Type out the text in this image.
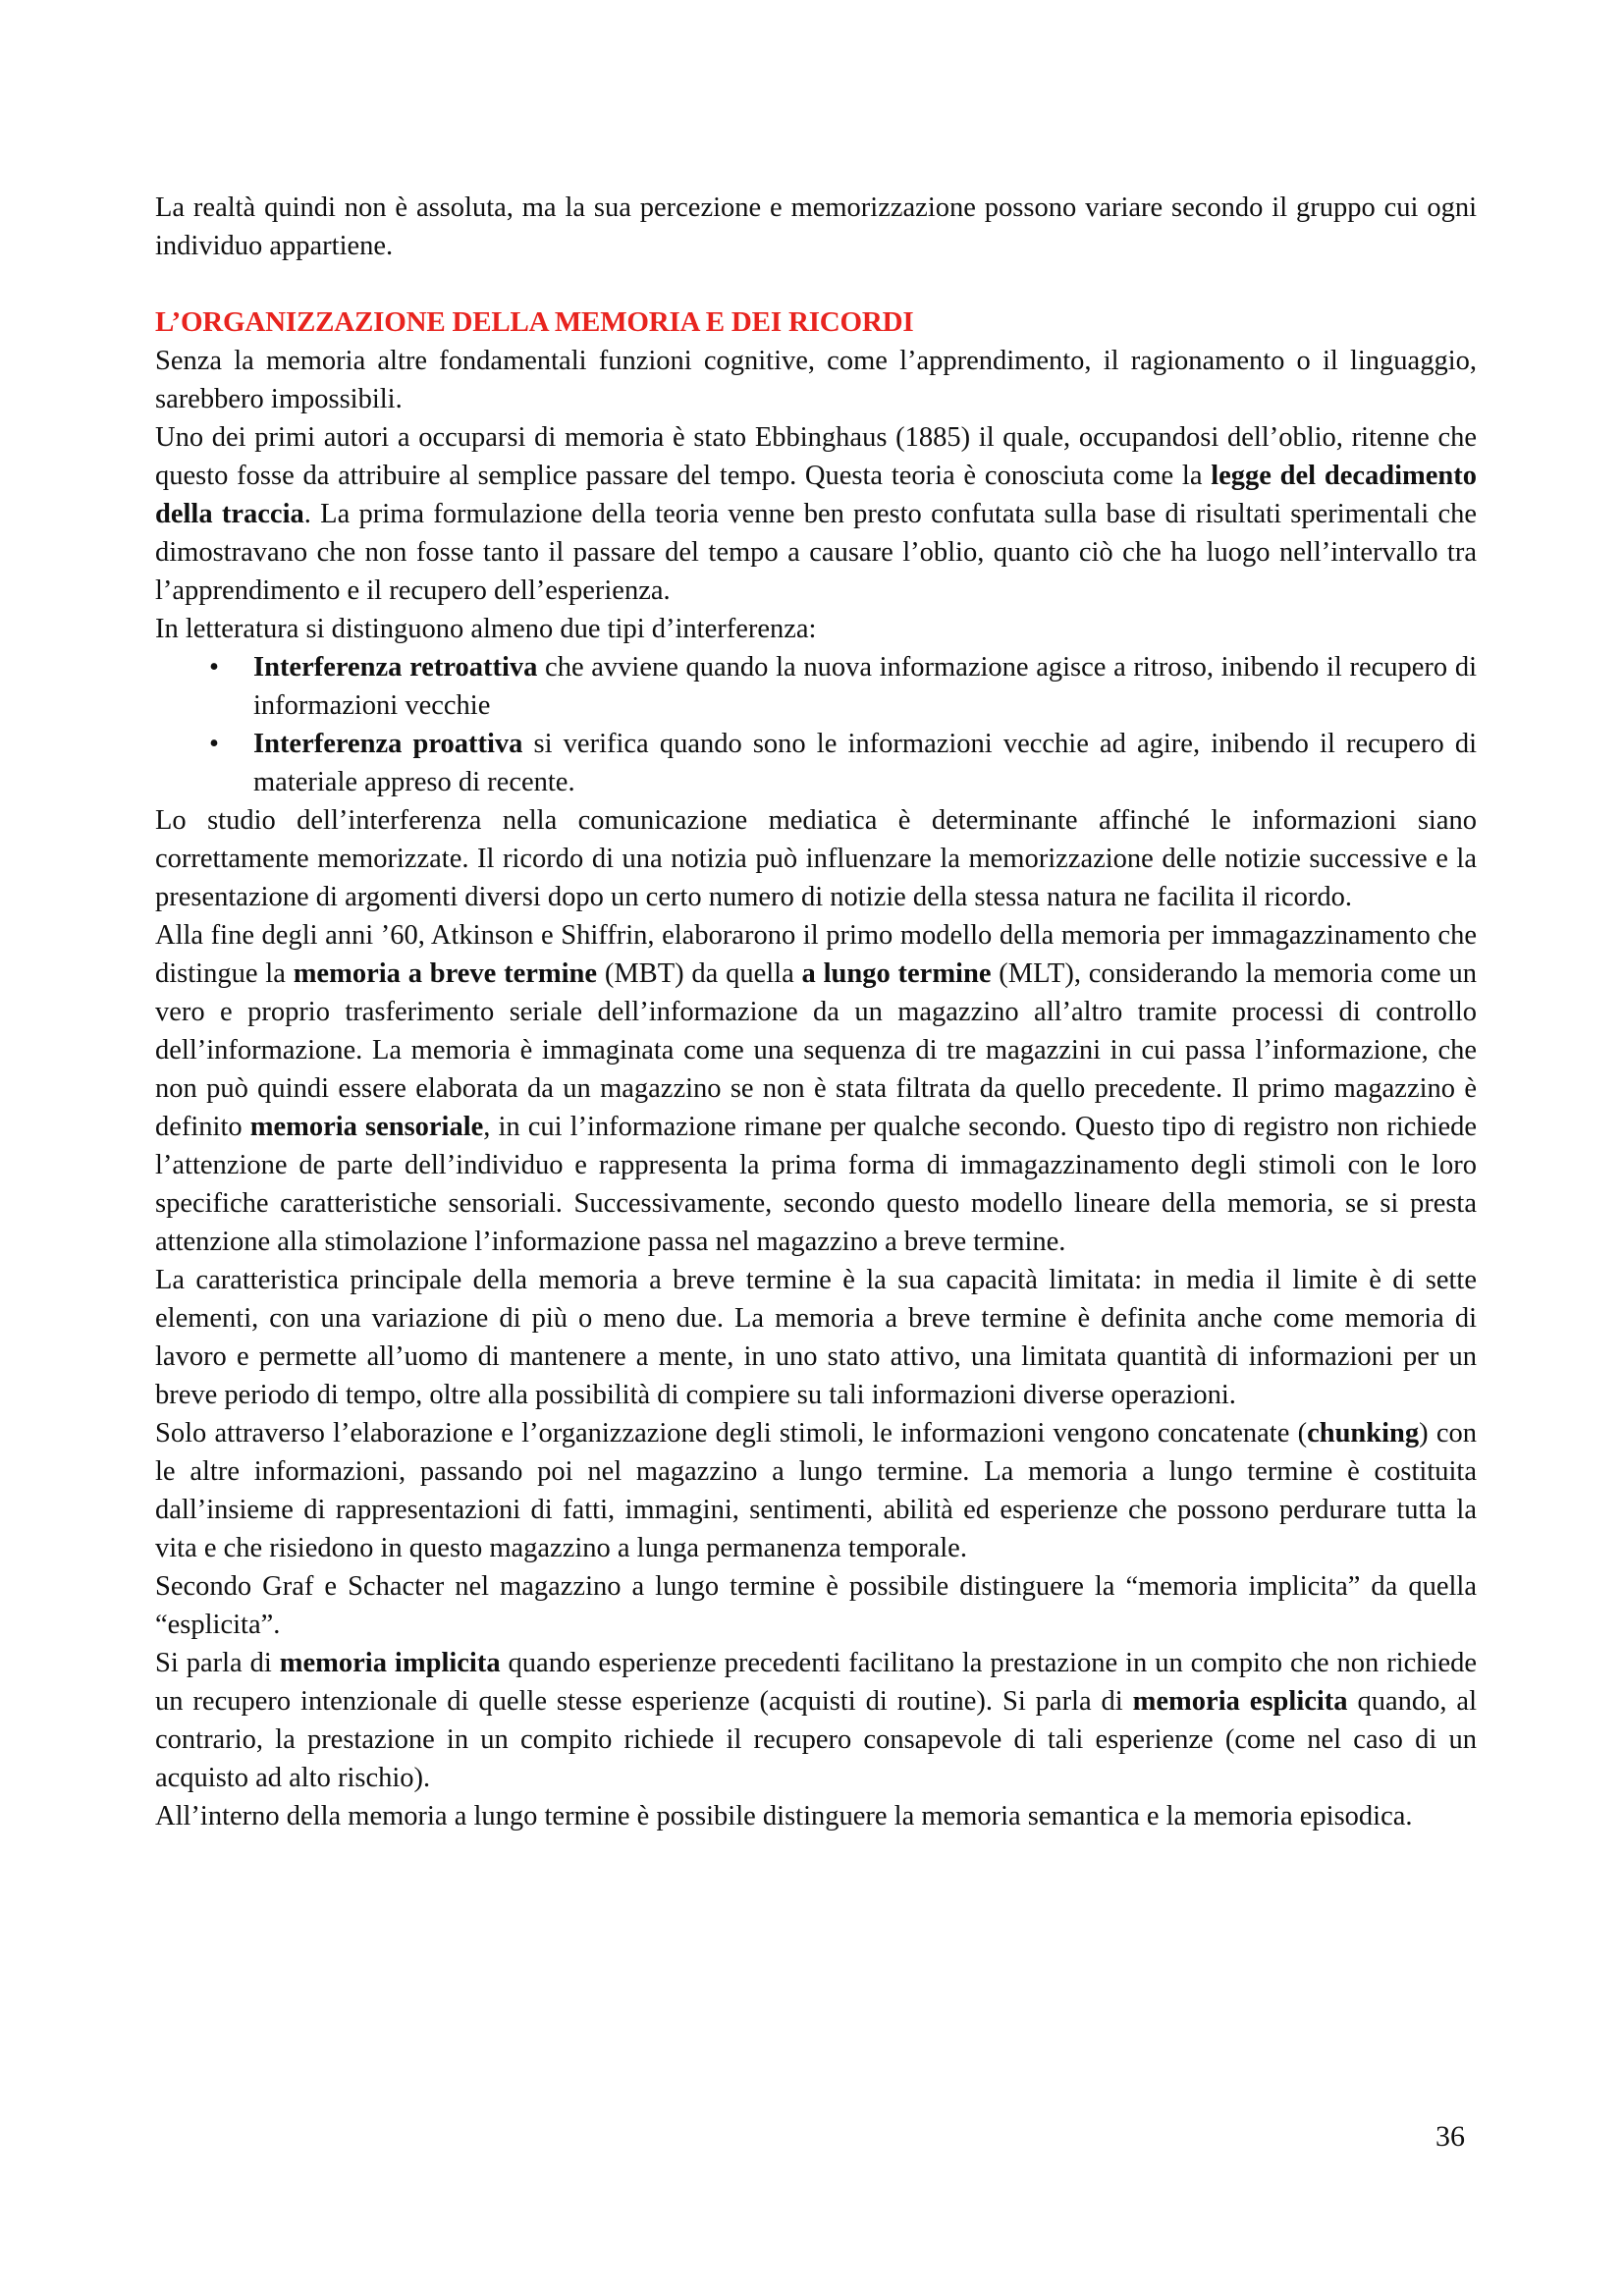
La realtà quindi non è assoluta, ma la sua percezione e memorizzazione possono variare secondo il gruppo cui ogni individuo appartiene.

L’ORGANIZZAZIONE DELLA MEMORIA E DEI RICORDI

Senza la memoria altre fondamentali funzioni cognitive, come l’apprendimento, il ragionamento o il linguaggio, sarebbero impossibili.

Uno dei primi autori a occuparsi di memoria è stato Ebbinghaus (1885) il quale, occupandosi dell’oblio, ritenne che questo fosse da attribuire al semplice passare del tempo. Questa teoria è conosciuta come la legge del decadimento della traccia. La prima formulazione della teoria venne ben presto confutata sulla base di risultati sperimentali che dimostravano che non fosse tanto il passare del tempo a causare l’oblio, quanto ciò che ha luogo nell’intervallo tra l’apprendimento e il recupero dell’esperienza.

In letteratura si distinguono almeno due tipi d’interferenza:

• Interferenza retroattiva che avviene quando la nuova informazione agisce a ritroso, inibendo il recupero di informazioni vecchie
• Interferenza proattiva si verifica quando sono le informazioni vecchie ad agire, inibendo il recupero di materiale appreso di recente.

Lo studio dell’interferenza nella comunicazione mediatica è determinante affinché le informazioni siano correttamente memorizzate. Il ricordo di una notizia può influenzare la memorizzazione delle notizie successive e la presentazione di argomenti diversi dopo un certo numero di notizie della stessa natura ne facilita il ricordo.

Alla fine degli anni ’60, Atkinson e Shiffrin, elaborarono il primo modello della memoria per immagazzinamento che distingue la memoria a breve termine (MBT) da quella a lungo termine (MLT), considerando la memoria come un vero e proprio trasferimento seriale dell’informazione da un magazzino all’altro tramite processi di controllo dell’informazione. La memoria è immaginata come una sequenza di tre magazzini in cui passa l’informazione, che non può quindi essere elaborata da un magazzino se non è stata filtrata da quello precedente. Il primo magazzino è definito memoria sensoriale, in cui l’informazione rimane per qualche secondo. Questo tipo di registro non richiede l’attenzione de parte dell’individuo e rappresenta la prima forma di immagazzinamento degli stimoli con le loro specifiche caratteristiche sensoriali. Successivamente, secondo questo modello lineare della memoria, se si presta attenzione alla stimolazione l’informazione passa nel magazzino a breve termine.

La caratteristica principale della memoria a breve termine è la sua capacità limitata: in media il limite è di sette elementi, con una variazione di più o meno due. La memoria a breve termine è definita anche come memoria di lavoro e permette all’uomo di mantenere a mente, in uno stato attivo, una limitata quantità di informazioni per un breve periodo di tempo, oltre alla possibilità di compiere su tali informazioni diverse operazioni.

Solo attraverso l’elaborazione e l’organizzazione degli stimoli, le informazioni vengono concatenate (chunking) con le altre informazioni, passando poi nel magazzino a lungo termine. La memoria a lungo termine è costituita dall’insieme di rappresentazioni di fatti, immagini, sentimenti, abilità ed esperienze che possono perdurare tutta la vita e che risiedono in questo magazzino a lunga permanenza temporale.

Secondo Graf e Schacter nel magazzino a lungo termine è possibile distinguere la “memoria implicita” da quella “esplicita”.

Si parla di memoria implicita quando esperienze precedenti facilitano la prestazione in un compito che non richiede un recupero intenzionale di quelle stesse esperienze (acquisti di routine). Si parla di memoria esplicita quando, al contrario, la prestazione in un compito richiede il recupero consapevole di tali esperienze (come nel caso di un acquisto ad alto rischio).

All’interno della memoria a lungo termine è possibile distinguere la memoria semantica e la memoria episodica.

36
